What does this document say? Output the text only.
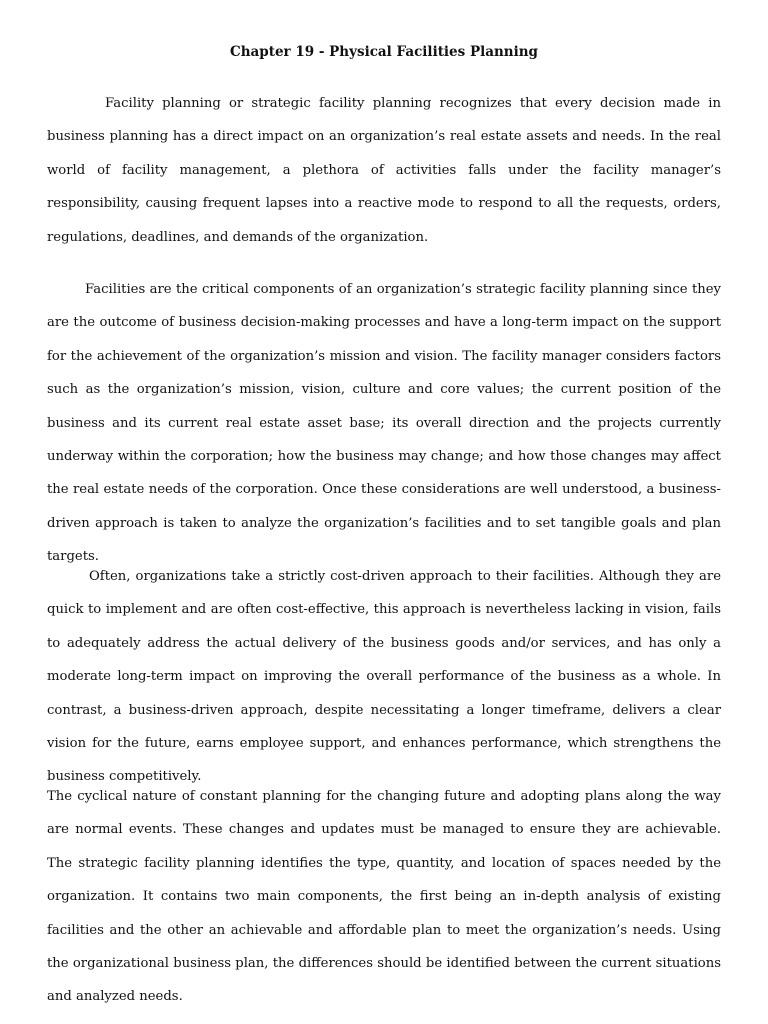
Chapter 19 - Physical Facilities Planning

Facility planning or strategic facility planning recognizes that every decision made in business planning has a direct impact on an organization’s real estate assets and needs. In the real world of facility management, a plethora of activities falls under the facility manager’s responsibility, causing frequent lapses into a reactive mode to respond to all the requests, orders, regulations, deadlines, and demands of the organization.

Facilities are the critical components of an organization’s strategic facility planning since they are the outcome of business decision-making processes and have a long-term impact on the support for the achievement of the organization’s mission and vision. The facility manager considers factors such as the organization’s mission, vision, culture and core values; the current position of the business and its current real estate asset base; its overall direction and the projects currently underway within the corporation; how the business may change; and how those changes may affect the real estate needs of the corporation. Once these considerations are well understood, a business-driven approach is taken to analyze the organization’s facilities and to set tangible goals and plan targets.

Often, organizations take a strictly cost-driven approach to their facilities. Although they are quick to implement and are often cost-effective, this approach is nevertheless lacking in vision, fails to adequately address the actual delivery of the business goods and/or services, and has only a moderate long-term impact on improving the overall performance of the business as a whole. In contrast, a business-driven approach, despite necessitating a longer timeframe, delivers a clear vision for the future, earns employee support, and enhances performance, which strengthens the business competitively.

The cyclical nature of constant planning for the changing future and adopting plans along the way are normal events. These changes and updates must be managed to ensure they are achievable. The strategic facility planning identifies the type, quantity, and location of spaces needed by the organization. It contains two main components, the first being an in-depth analysis of existing facilities and the other an achievable and affordable plan to meet the organization’s needs. Using the organizational business plan, the differences should be identified between the current situations and analyzed needs.
